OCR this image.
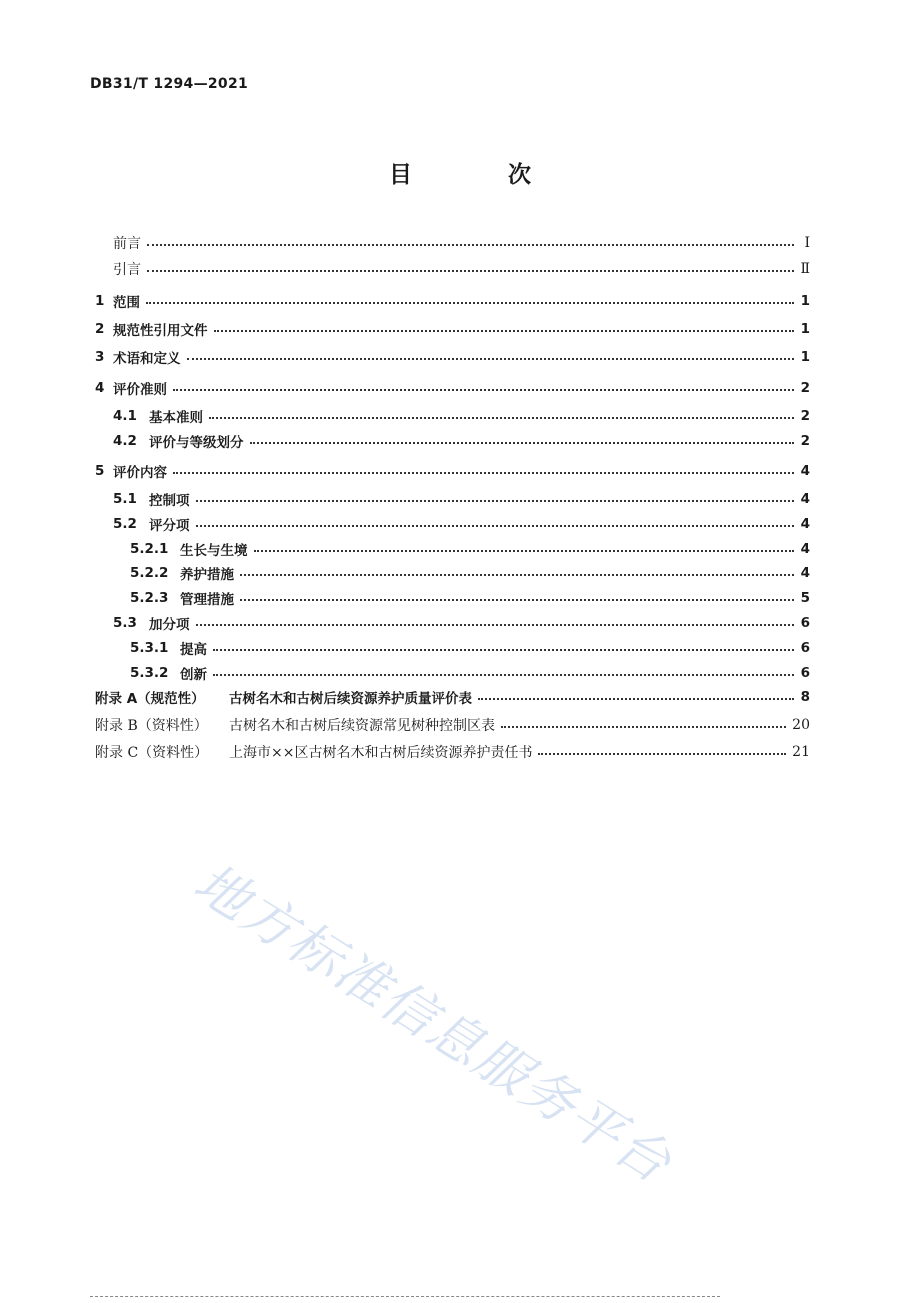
DB31/T 1294—2021
目 次
前言	Ⅰ
引言	Ⅱ
1 范围	1
2 规范性引用文件	1
3 术语和定义	1
4 评价准则	2
4.1 基本准则	2
4.2 评价与等级划分	2
5 评价内容	4
5.1 控制项	4
5.2 评分项	4
5.2.1 生长与生境	4
5.2.2 养护措施	4
5.2.3 管理措施	5
5.3 加分项	6
5.3.1 提高	6
5.3.2 创新	6
附录 A（规范性）	古树名木和古树后续资源养护质量评价表	8
附录 B（资料性）	古树名木和古树后续资源常见树种控制区表	20
附录 C（资料性）	上海市××区古树名木和古树后续资源养护责任书	21
地方标准信息服务平台
